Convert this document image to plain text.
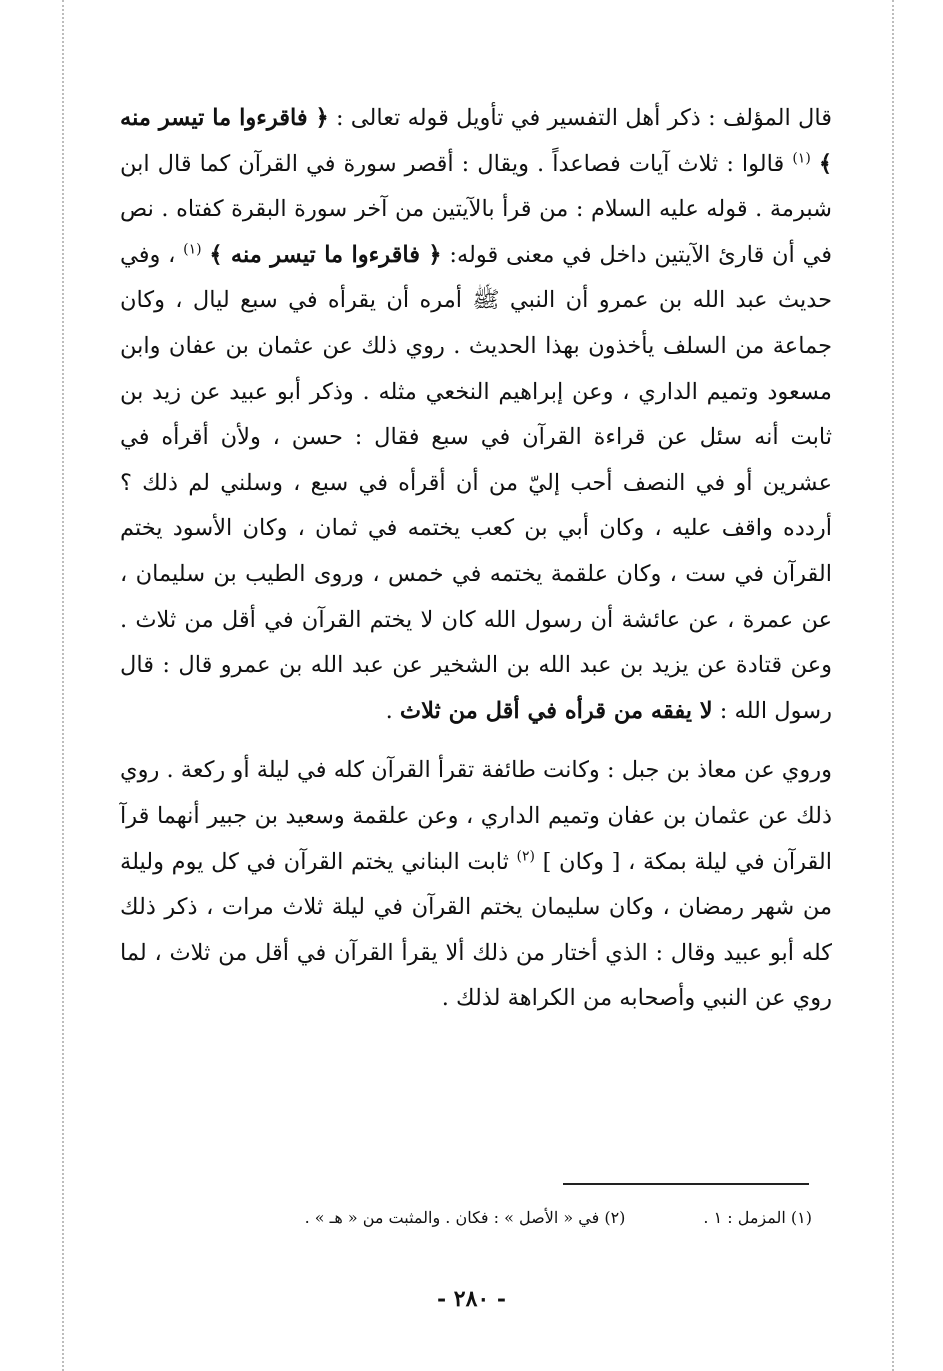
قال المؤلف : ذكر أهل التفسير في تأويل قوله تعالى : ﴿ فاقرءوا ما تيسر منه ﴾ $^{(١)}$ قالوا : ثلاث آيات فصاعداً . ويقال : أقصر سورة في القرآن كما قال ابن شبرمة . قوله عليه السلام : من قرأ بالآيتين من آخر سورة البقرة كفتاه . نص في أن قارئ الآيتين داخل في معنى قوله: ﴿ فاقرءوا ما تيسر منه ﴾ $^{(١)}$ ، وفي حديث عبد الله بن عمرو أن النبي ﷺ أمره أن يقرأه في سبع ليال ، وكان جماعة من السلف يأخذون بهذا الحديث . روي ذلك عن عثمان بن عفان وابن مسعود وتميم الداري ، وعن إبراهيم النخعي مثله . وذكر أبو عبيد عن زيد بن ثابت أنه سئل عن قراءة القرآن في سبع فقال : حسن ، ولأن أقرأه في عشرين أو في النصف أحب إليّ من أن أقرأه في سبع ، وسلني لم ذلك ؟ أردده واقف عليه ، وكان أبي بن كعب يختمه في ثمان ، وكان الأسود يختم القرآن في ست ، وكان علقمة يختمه في خمس ، وروى الطيب بن سليمان ، عن عمرة ، عن عائشة أن رسول الله كان لا يختم القرآن في أقل من ثلاث . وعن قتادة عن يزيد بن عبد الله بن الشخير عن عبد الله بن عمرو قال : قال رسول الله : لا يفقه من قرأه في أقل من ثلاث .

وروي عن معاذ بن جبل : وكانت طائفة تقرأ القرآن كله في ليلة أو ركعة . روي ذلك عن عثمان بن عفان وتميم الداري ، وعن علقمة وسعيد بن جبير أنهما قرآ القرآن في ليلة بمكة ، [ وكان ] $^{(٢)}$ ثابت البناني يختم القرآن في كل يوم وليلة من شهر رمضان ، وكان سليمان يختم القرآن في ليلة ثلاث مرات ، ذكر ذلك كله أبو عبيد وقال : الذي أختار من ذلك ألا يقرأ القرآن في أقل من ثلاث ، لما روي عن النبي وأصحابه من الكراهة لذلك .

(١) المزمل : ١ .(٢) في « الأصل » : فكان . والمثبت من « هـ » .
- ٢٨٠ -
